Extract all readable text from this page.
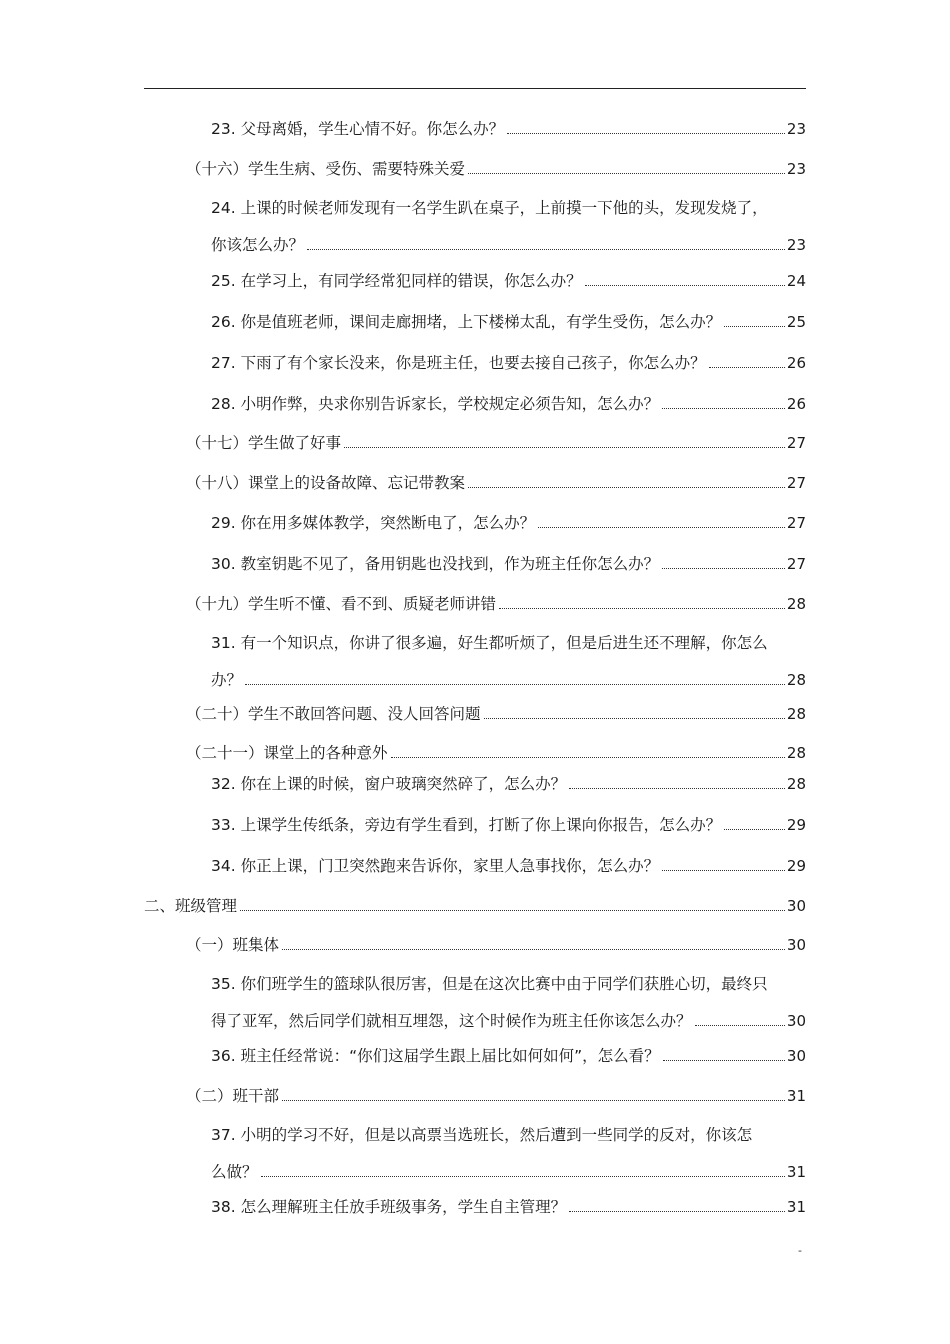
23. 父母离婚，学生心情不好。你怎么办？	23
（十六）学生生病、受伤、需要特殊关爱	23
24. 上课的时候老师发现有一名学生趴在桌子，上前摸一下他的头，发现发烧了，
你该怎么办？	23
25. 在学习上，有同学经常犯同样的错误，你怎么办？	24
26. 你是值班老师，课间走廊拥堵，上下楼梯太乱，有学生受伤，怎么办？	25
27. 下雨了有个家长没来，你是班主任，也要去接自己孩子，你怎么办？	26
28. 小明作弊，央求你别告诉家长，学校规定必须告知，怎么办？	26
（十七）学生做了好事	27
（十八）课堂上的设备故障、忘记带教案	27
29. 你在用多媒体教学，突然断电了，怎么办？	27
30. 教室钥匙不见了，备用钥匙也没找到，作为班主任你怎么办？	27
（十九）学生听不懂、看不到、质疑老师讲错	28
31. 有一个知识点，你讲了很多遍，好生都听烦了，但是后进生还不理解，你怎么
办？	28
（二十）学生不敢回答问题、没人回答问题	28
（二十一）课堂上的各种意外	28
32. 你在上课的时候，窗户玻璃突然碎了，怎么办？	28
33. 上课学生传纸条，旁边有学生看到，打断了你上课向你报告，怎么办？	29
34. 你正上课，门卫突然跑来告诉你，家里人急事找你，怎么办？	29
二、班级管理	30
（一）班集体	30
35. 你们班学生的篮球队很厉害，但是在这次比赛中由于同学们获胜心切，最终只
得了亚军，然后同学们就相互埋怨，这个时候作为班主任你该怎么办？	30
36. 班主任经常说：“你们这届学生跟上届比如何如何”，怎么看？	30
（二）班干部	31
37. 小明的学习不好，但是以高票当选班长，然后遭到一些同学的反对，你该怎
么做？	31
38. 怎么理解班主任放手班级事务，学生自主管理？	31
-
